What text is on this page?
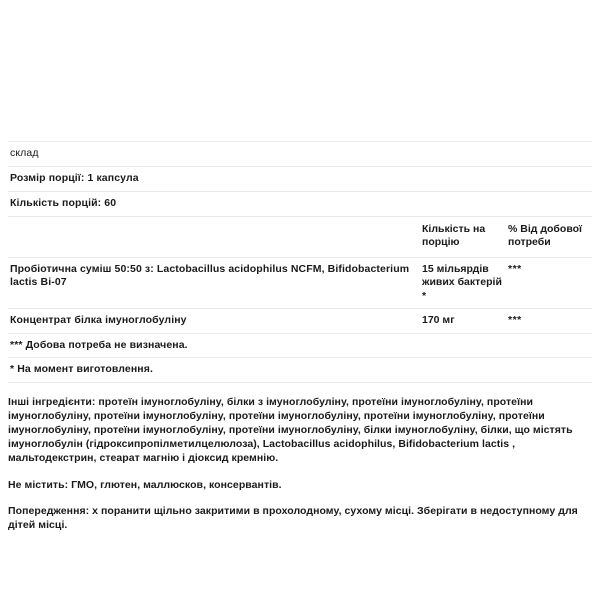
склад
Розмір порції: 1 капсула
Кількість порцій: 60
Кількість на порцію
% Від добової потреби
Пробіотична суміш 50:50 з: Lactobacillus acidophilus NCFM, Bifidobacterium lactis Bi-07
15 мільярдів живих бактерій *
***
Концентрат білка імуноглобуліну	170 мг	***
*** Добова потреба не визначена.
* На момент виготовлення.
Інші інгредієнти: протеїн імуноглобуліну, білки з імуноглобуліну, протеїни імуноглобуліну, протеїни імуноглобуліну, протеїни імуноглобуліну, протеїни імуноглобуліну, протеїни імуноглобуліну, протеїни імуноглобуліну, протеїни імуноглобуліну, протеїни імуноглобуліну, білки імуноглобуліну, білки, що містять імуноглобулін (гідроксипропілметилцелюлоза), Lactobacillus acidophilus, Bifidobacterium lactis , мальтодекстрин, стеарат магнію і діоксид кремнію.
Не містить: ГМО, глютен, маллюсков, консервантів.
Попередження: х поранити щільно закритими в прохолодному, сухому місці. Зберігати в недоступному для дітей місці.
